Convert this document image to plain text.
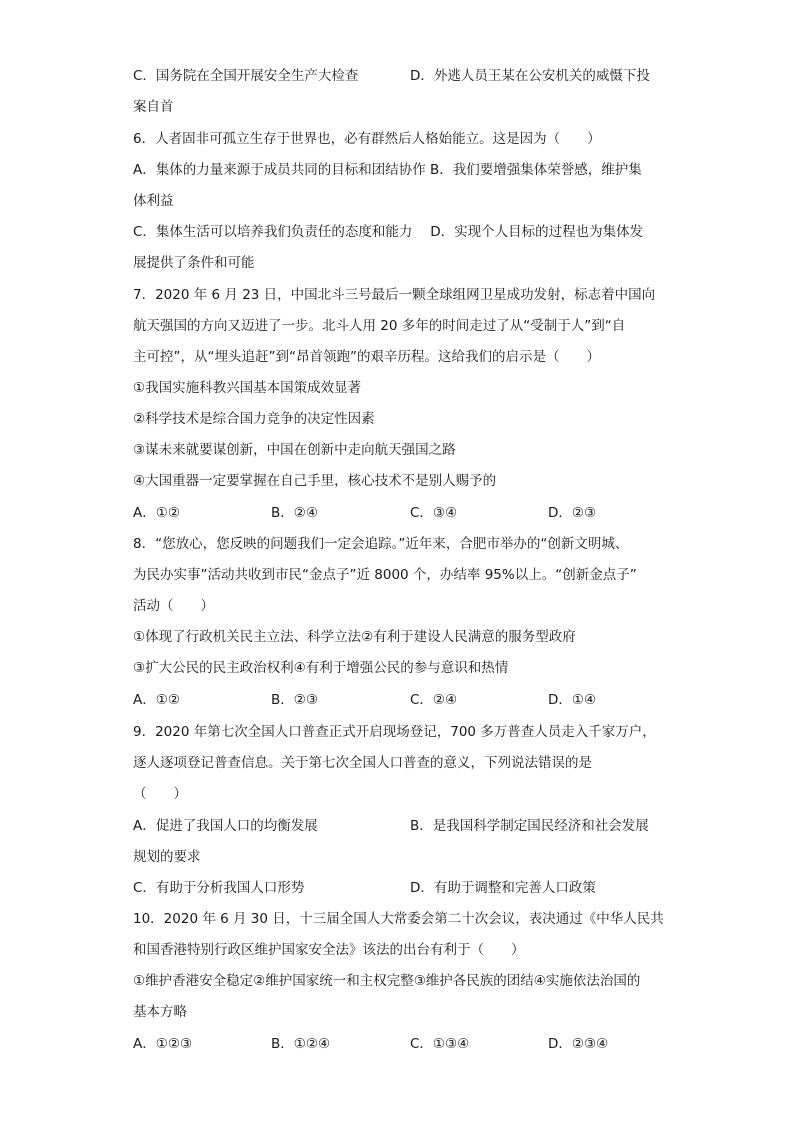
C．国务院在全国开展安全生产大检查	D．外逃人员王某在公安机关的威慑下投
案自首
6．人者固非可孤立生存于世界也，必有群然后人格始能立。这是因为（　　）
A．集体的力量来源于成员共同的目标和团结协作 B．我们要增强集体荣誉感，维护集
体利益
C．集体生活可以培养我们负责任的态度和能力　 D．实现个人目标的过程也为集体发
展提供了条件和可能
7．2020 年 6 月 23 日，中国北斗三号最后一颗全球组网卫星成功发射，标志着中国向
航天强国的方向又迈进了一步。北斗人用 20 多年的时间走过了从“受制于人”到“自
主可控”，从“埋头追赶”到“昂首领跑”的艰辛历程。这给我们的启示是（　　）
①我国实施科教兴国基本国策成效显著
②科学技术是综合国力竞争的决定性因素
③谋未来就要谋创新，中国在创新中走向航天强国之路
④大国重器一定要掌握在自己手里，核心技术不是别人赐予的
A．①②	B．②④	C．③④	D．②③
8．“您放心，您反映的问题我们一定会追踪。”近年来，合肥市举办的“创新文明城、
为民办实事”活动共收到市民“金点子”近 8000 个，办结率 95%以上。“创新金点子”
活动（　　）
①体现了行政机关民主立法、科学立法②有利于建设人民满意的服务型政府
③扩大公民的民主政治权利④有利于增强公民的参与意识和热情
A．①②	B．②③	C．②④	D．①④
9．2020 年第七次全国人口普查正式开启现场登记，700 多万普查人员走入千家万户，
逐人逐项登记普查信息。关于第七次全国人口普查的意义，下列说法错误的是
（　　）
A．促进了我国人口的均衡发展	B．是我国科学制定国民经济和社会发展
规划的要求
C．有助于分析我国人口形势	D．有助于调整和完善人口政策
10．2020 年 6 月 30 日，十三届全国人大常委会第二十次会议，表决通过《中华人民共
和国香港特别行政区维护国家安全法》该法的出台有利于（　　）
①维护香港安全稳定②维护国家统一和主权完整③维护各民族的团结④实施依法治国的
基本方略
A．①②③	B．①②④	C．①③④	D．②③④
